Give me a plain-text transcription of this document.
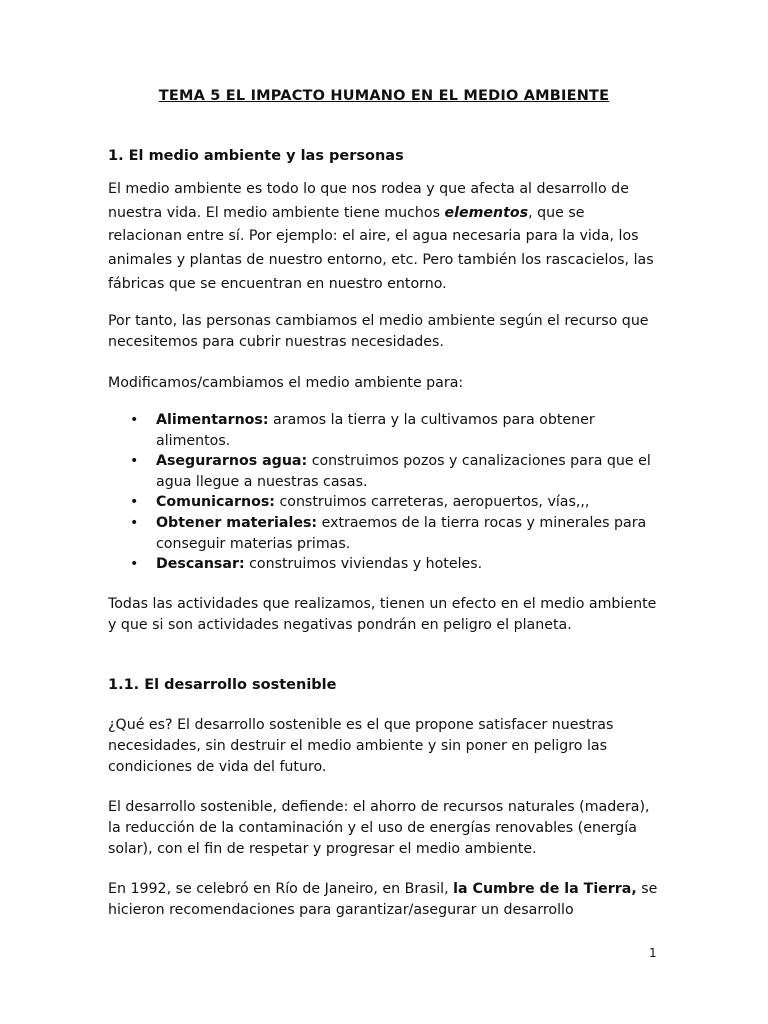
TEMA 5 EL IMPACTO HUMANO EN EL MEDIO AMBIENTE
1. El medio ambiente y las personas

El medio ambiente es todo lo que nos rodea y que afecta al desarrollo de nuestra vida. El medio ambiente tiene muchos elementos, que se relacionan entre sí. Por ejemplo: el aire, el agua necesaria para la vida, los animales y plantas de nuestro entorno, etc. Pero también los rascacielos, las fábricas que se encuentran en nuestro entorno.

Por tanto, las personas cambiamos el medio ambiente según el recurso que necesitemos para cubrir nuestras necesidades.

Modificamos/cambiamos el medio ambiente para:

• Alimentarnos: aramos la tierra y la cultivamos para obtener alimentos.
• Asegurarnos agua: construimos pozos y canalizaciones para que el agua llegue a nuestras casas.
• Comunicarnos: construimos carreteras, aeropuertos, vías,,,
• Obtener materiales: extraemos de la tierra rocas y minerales para conseguir materias primas.
• Descansar: construimos viviendas y hoteles.

Todas las actividades que realizamos, tienen un efecto en el medio ambiente y que si son actividades negativas pondrán en peligro el planeta.

1.1. El desarrollo sostenible

¿Qué es? El desarrollo sostenible es el que propone satisfacer nuestras necesidades, sin destruir el medio ambiente y sin poner en peligro las condiciones de vida del futuro.

El desarrollo sostenible, defiende: el ahorro de recursos naturales (madera), la reducción de la contaminación y el uso de energías renovables (energía solar), con el fin de respetar y progresar el medio ambiente.

En 1992, se celebró en Río de Janeiro, en Brasil, la Cumbre de la Tierra, se hicieron recomendaciones para garantizar/asegurar un desarrollo

1
